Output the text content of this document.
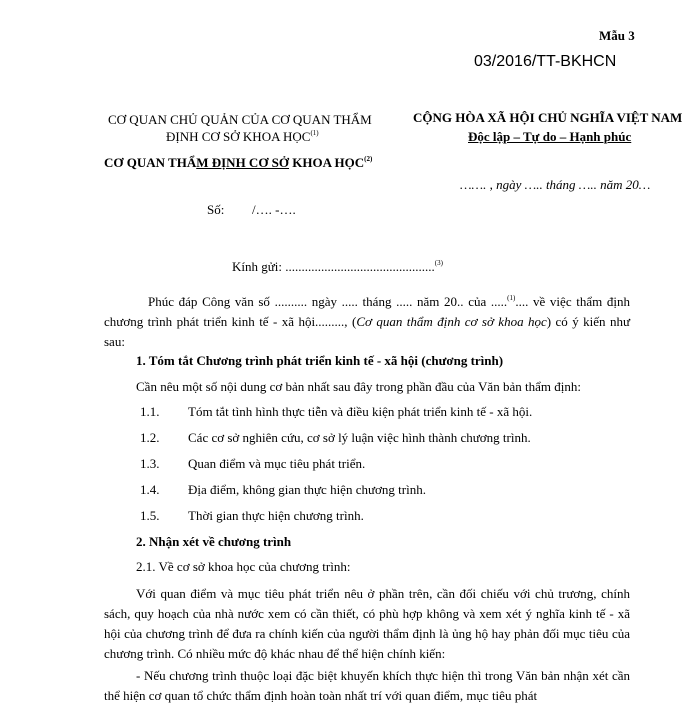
Mẫu 3
03/2016/TT-BKHCN
CƠ QUAN CHỦ QUẢN CỦA CƠ QUAN THẨM
ĐỊNH CƠ SỞ KHOA HỌC$^{(1)}$
CỘNG HÒA XÃ HỘI CHỦ NGHĨA VIỆT NAM
Độc lập – Tự do – Hạnh phúc
CƠ QUAN THẨM ĐỊNH CƠ SỞ KHOA HỌC$^{(2)}$
……. , ngày ….. tháng ….. năm 20…
Số: /…. -….
Kính gửi: ..............................................$^{(3)}$
Phúc đáp Công văn số .......... ngày ..... tháng ..... năm 20.. của .....$^{(1)}$.... về việc thẩm định chương trình phát triển kinh tế - xã hội........., (Cơ quan thẩm định cơ sở khoa học) có ý kiến như sau:
1. Tóm tắt Chương trình phát triển kinh tế - xã hội (chương trình)
Cần nêu một số nội dung cơ bản nhất sau đây trong phần đầu của Văn bản thẩm định:
1.1. Tóm tắt tình hình thực tiễn và điều kiện phát triển kinh tế - xã hội.
1.2. Các cơ sở nghiên cứu, cơ sở lý luận việc hình thành chương trình.
1.3. Quan điểm và mục tiêu phát triển.
1.4. Địa điểm, không gian thực hiện chương trình.
1.5. Thời gian thực hiện chương trình.
2. Nhận xét về chương trình
2.1. Về cơ sở khoa học của chương trình:
Với quan điểm và mục tiêu phát triển nêu ở phần trên, cần đối chiếu với chủ trương, chính sách, quy hoạch của nhà nước xem có cần thiết, có phù hợp không và xem xét ý nghĩa kinh tế - xã hội của chương trình để đưa ra chính kiến của người thẩm định là ủng hộ hay phản đối mục tiêu của chương trình. Có nhiều mức độ khác nhau để thể hiện chính kiến:
- Nếu chương trình thuộc loại đặc biệt khuyến khích thực hiện thì trong Văn bản nhận xét cần thể hiện cơ quan tổ chức thẩm định hoàn toàn nhất trí với quan điểm, mục tiêu phát
